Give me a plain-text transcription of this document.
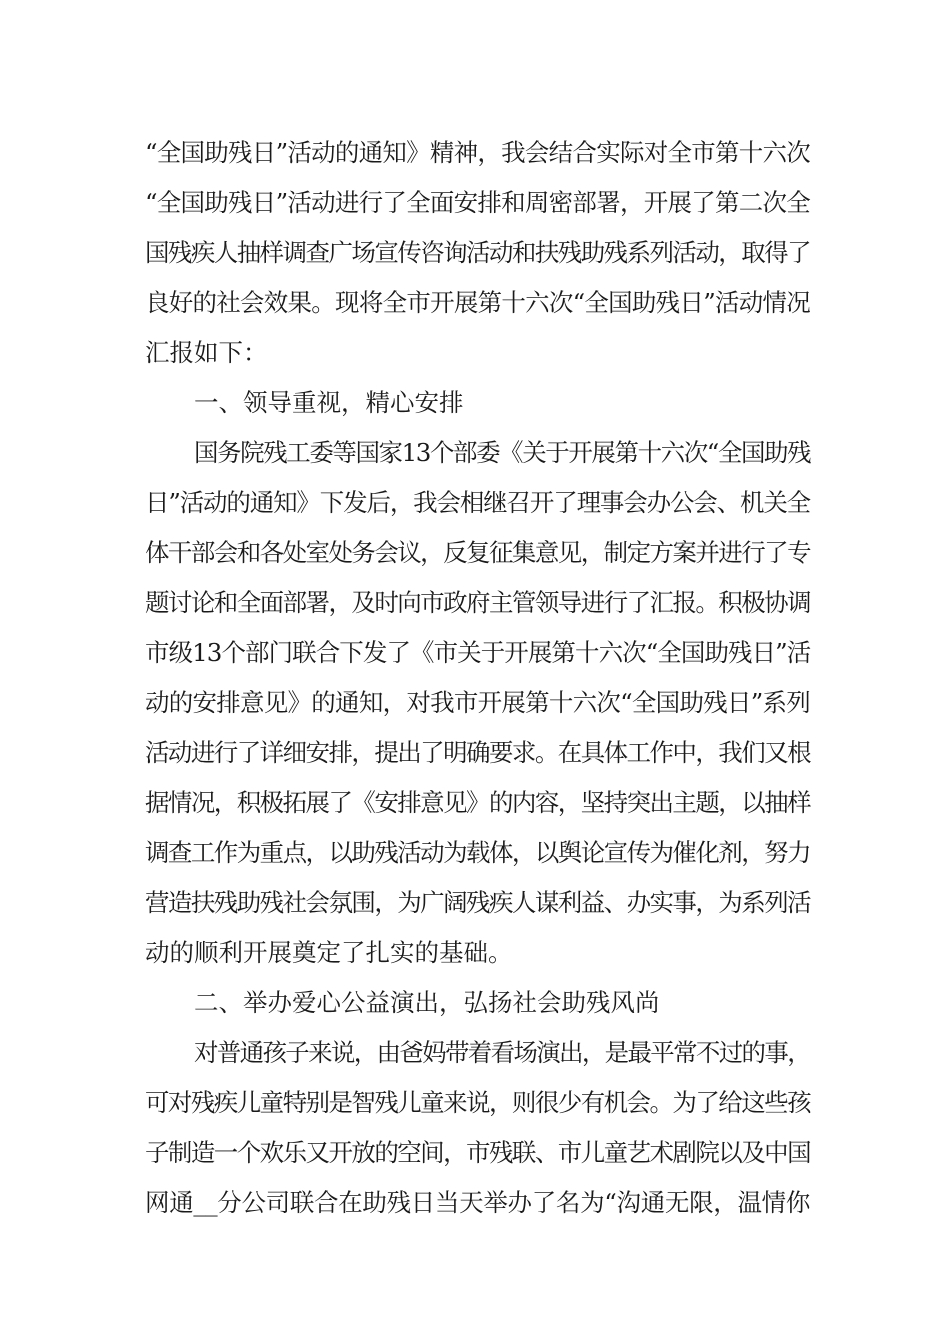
“全国助残日”活动的通知》精神，我会结合实际对全市第十六次
“全国助残日”活动进行了全面安排和周密部署，开展了第二次全
国残疾人抽样调查广场宣传咨询活动和扶残助残系列活动，取得了
良好的社会效果。现将全市开展第十六次“全国助残日”活动情况
汇报如下：
一、领导重视，精心安排
国务院残工委等国家13个部委《关于开展第十六次“全国助残
日”活动的通知》下发后，我会相继召开了理事会办公会、机关全
体干部会和各处室处务会议，反复征集意见，制定方案并进行了专
题讨论和全面部署，及时向市政府主管领导进行了汇报。积极协调
市级13个部门联合下发了《市关于开展第十六次“全国助残日”活
动的安排意见》的通知，对我市开展第十六次“全国助残日”系列
活动进行了详细安排，提出了明确要求。在具体工作中，我们又根
据情况，积极拓展了《安排意见》的内容，坚持突出主题，以抽样
调查工作为重点，以助残活动为载体，以舆论宣传为催化剂，努力
营造扶残助残社会氛围，为广阔残疾人谋利益、办实事，为系列活
动的顺利开展奠定了扎实的基础。
二、举办爱心公益演出，弘扬社会助残风尚
对普通孩子来说，由爸妈带着看场演出，是最平常不过的事，
可对残疾儿童特别是智残儿童来说，则很少有机会。为了给这些孩
子制造一个欢乐又开放的空间，市残联、市儿童艺术剧院以及中国
网通__分公司联合在助残日当天举办了名为“沟通无限，温情你
